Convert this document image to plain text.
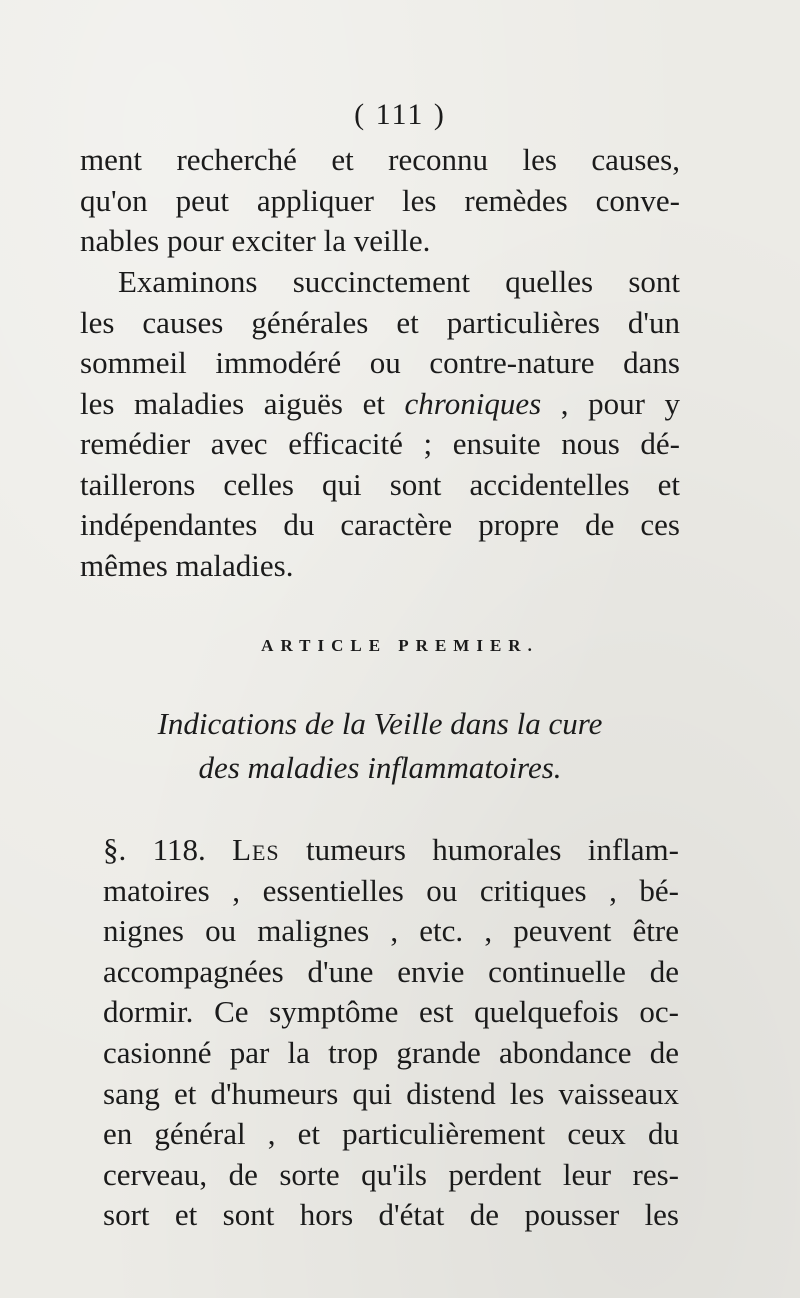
( 111 )
ment recherché et reconnu les causes,
qu'on peut appliquer les remèdes conve-
nables pour exciter la veille.
Examinons succinctement quelles sont
les causes générales et particulières d'un
sommeil immodéré ou contre-nature dans
les maladies aiguës et chroniques , pour y
remédier avec efficacité ; ensuite nous dé-
taillerons celles qui sont accidentelles et
indépendantes du caractère propre de ces
mêmes maladies.
ARTICLE PREMIER.
Indications de la Veille dans la cure
des maladies inflammatoires.
§. 118. Les tumeurs humorales inflam-
matoires , essentielles ou critiques , bé-
nignes ou malignes , etc. , peuvent être
accompagnées d'une envie continuelle de
dormir. Ce symptôme est quelquefois oc-
casionné par la trop grande abondance de
sang et d'humeurs qui distend les vaisseaux
en général , et particulièrement ceux du
cerveau, de sorte qu'ils perdent leur res-
sort et sont hors d'état de pousser les
